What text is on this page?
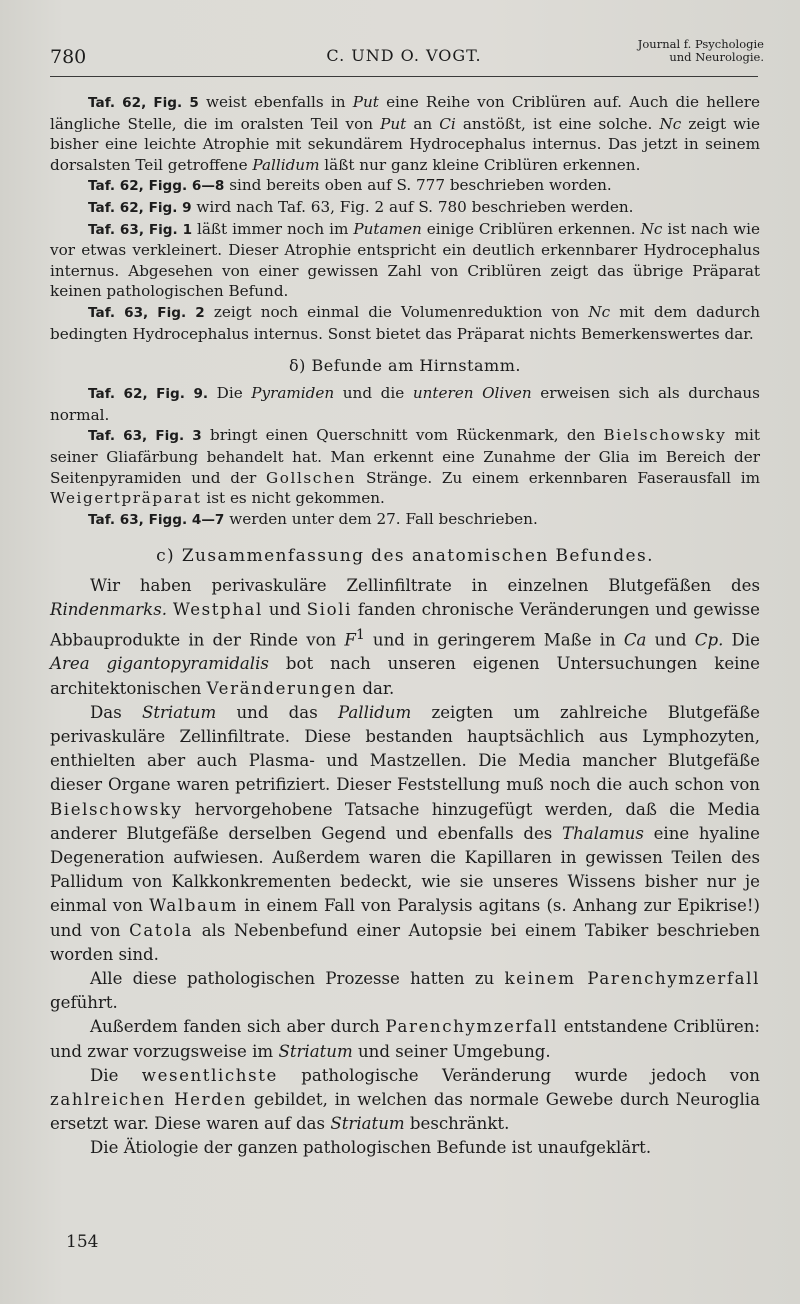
780	C. UND O. VOGT.
Journal f. Psychologie
und Neurologie.

Taf. 62, Fig. 5 weist ebenfalls in Put eine Reihe von Criblüren auf. Auch die hellere längliche Stelle, die im oralsten Teil von Put an Ci anstößt, ist eine solche. Nc zeigt wie bisher eine leichte Atrophie mit sekundärem Hydrocephalus internus. Das jetzt in seinem dorsalsten Teil getroffene Pallidum läßt nur ganz kleine Criblüren erkennen.

Taf. 62, Figg. 6—8 sind bereits oben auf S. 777 beschrieben worden.

Taf. 62, Fig. 9 wird nach Taf. 63, Fig. 2 auf S. 780 beschrieben werden.

Taf. 63, Fig. 1 läßt immer noch im Putamen einige Criblüren erkennen. Nc ist nach wie vor etwas verkleinert. Dieser Atrophie entspricht ein deutlich erkennbarer Hydrocephalus internus. Abgesehen von einer gewissen Zahl von Criblüren zeigt das übrige Präparat keinen pathologischen Befund.

Taf. 63, Fig. 2 zeigt noch einmal die Volumenreduktion von Nc mit dem dadurch bedingten Hydrocephalus internus. Sonst bietet das Präparat nichts Bemerkenswertes dar.

δ) Befunde am Hirnstamm.

Taf. 62, Fig. 9. Die Pyramiden und die unteren Oliven erweisen sich als durchaus normal.

Taf. 63, Fig. 3 bringt einen Querschnitt vom Rückenmark, den Bielschowsky mit seiner Gliafärbung behandelt hat. Man erkennt eine Zunahme der Glia im Bereich der Seitenpyramiden und der Gollschen Stränge. Zu einem erkennbaren Faserausfall im Weigertpräparat ist es nicht gekommen.

Taf. 63, Figg. 4—7 werden unter dem 27. Fall beschrieben.

c) Zusammenfassung des anatomischen Befundes.

Wir haben perivaskuläre Zellinfiltrate in einzelnen Blutgefäßen des Rindenmarks. Westphal und Sioli fanden chronische Veränderungen und gewisse Abbauprodukte in der Rinde von $F^1$ und in geringerem Maße in Ca und Cp. Die Area gigantopyramidalis bot nach unseren eigenen Untersuchungen keine architektonischen Veränderungen dar.

Das Striatum und das Pallidum zeigten um zahlreiche Blutgefäße perivaskuläre Zellinfiltrate. Diese bestanden hauptsächlich aus Lymphozyten, enthielten aber auch Plasma- und Mastzellen. Die Media mancher Blutgefäße dieser Organe waren petrifiziert. Dieser Feststellung muß noch die auch schon von Bielschowsky hervorgehobene Tatsache hinzugefügt werden, daß die Media anderer Blutgefäße derselben Gegend und ebenfalls des Thalamus eine hyaline Degeneration aufwiesen. Außerdem waren die Kapillaren in gewissen Teilen des Pallidum von Kalkkonkrementen bedeckt, wie sie unseres Wissens bisher nur je einmal von Walbaum in einem Fall von Paralysis agitans (s. Anhang zur Epikrise!) und von Catola als Nebenbefund einer Autopsie bei einem Tabiker beschrieben worden sind.

Alle diese pathologischen Prozesse hatten zu keinem Parenchymzerfall geführt.

Außerdem fanden sich aber durch Parenchymzerfall entstandene Criblüren: und zwar vorzugsweise im Striatum und seiner Umgebung.

Die wesentlichste pathologische Veränderung wurde jedoch von zahlreichen Herden gebildet, in welchen das normale Gewebe durch Neuroglia ersetzt war. Diese waren auf das Striatum beschränkt.

Die Ätiologie der ganzen pathologischen Befunde ist unaufgeklärt.

154
